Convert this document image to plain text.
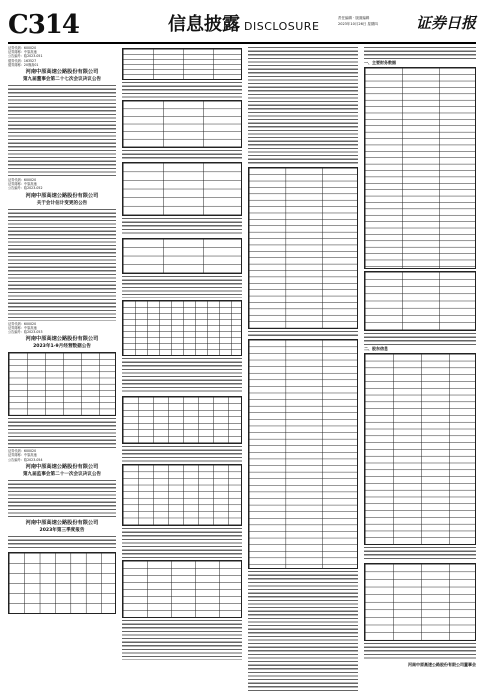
C314	信息披露 DISCLOSURE
责任编辑 · 版面编辑
2023年10月26日 星期四	证券日报
证券代码：600020
证券简称：中原高速
公告编号：临2023-051
债券代码：163527
债券简称：20豫高01
河南中原高速公路股份有限公司
第九届董事会第二十七次会议决议公告
证券代码：600020
证券简称：中原高速
公告编号：临2023-052
河南中原高速公路股份有限公司
关于会计估计变更的公告
证券代码：600020
证券简称：中原高速
公告编号：临2023-053
河南中原高速公路股份有限公司
2023年1-9月经营数据公告
证券代码：600020
证券简称：中原高速
公告编号：临2023-054
河南中原高速公路股份有限公司
第九届监事会第二十一次会议决议公告
河南中原高速公路股份有限公司
2023年第三季度报告
一、主要财务数据
二、股东信息
河南中原高速公路股份有限公司董事会
